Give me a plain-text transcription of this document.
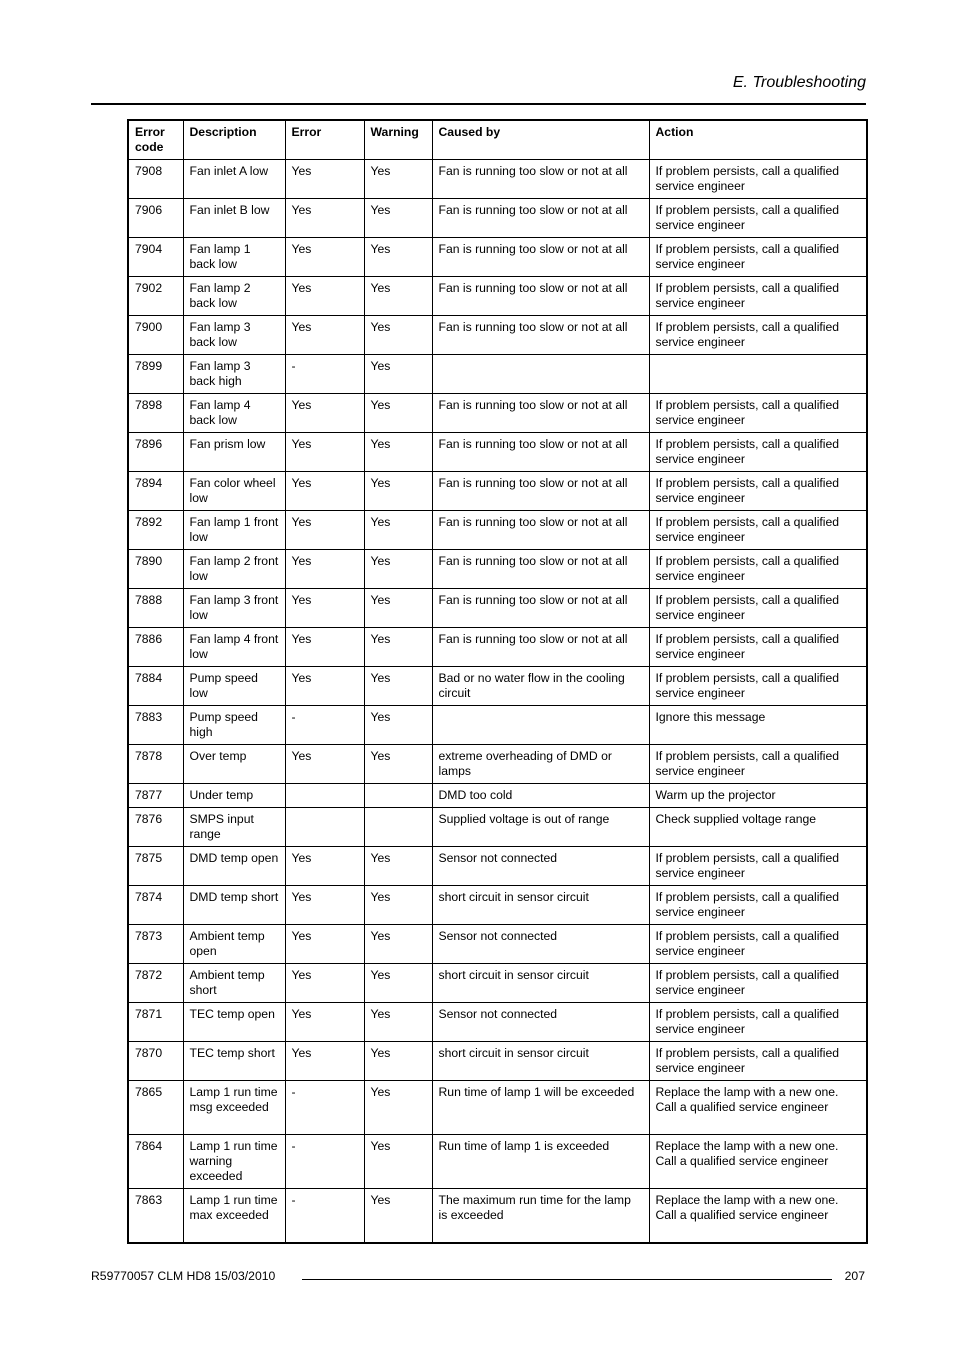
E. Troubleshooting
Error code	Description	Error	Warning	Caused by	Action
7908	Fan inlet A low	Yes	Yes	Fan is running too slow or not at all	If problem persists, call a qualified service engineer
7906	Fan inlet B low	Yes	Yes	Fan is running too slow or not at all	If problem persists, call a qualified service engineer
7904	Fan lamp 1 back low	Yes	Yes	Fan is running too slow or not at all	If problem persists, call a qualified service engineer
7902	Fan lamp 2 back low	Yes	Yes	Fan is running too slow or not at all	If problem persists, call a qualified service engineer
7900	Fan lamp 3 back low	Yes	Yes	Fan is running too slow or not at all	If problem persists, call a qualified service engineer
7899	Fan lamp 3 back high	-	Yes		
7898	Fan lamp 4 back low	Yes	Yes	Fan is running too slow or not at all	If problem persists, call a qualified service engineer
7896	Fan prism low	Yes	Yes	Fan is running too slow or not at all	If problem persists, call a qualified service engineer
7894	Fan color wheel low	Yes	Yes	Fan is running too slow or not at all	If problem persists, call a qualified service engineer
7892	Fan lamp 1 front low	Yes	Yes	Fan is running too slow or not at all	If problem persists, call a qualified service engineer
7890	Fan lamp 2 front low	Yes	Yes	Fan is running too slow or not at all	If problem persists, call a qualified service engineer
7888	Fan lamp 3 front low	Yes	Yes	Fan is running too slow or not at all	If problem persists, call a qualified service engineer
7886	Fan lamp 4 front low	Yes	Yes	Fan is running too slow or not at all	If problem persists, call a qualified service engineer
7884	Pump speed low	Yes	Yes	Bad or no water flow in the cooling circuit	If problem persists, call a qualified service engineer
7883	Pump speed high	-	Yes		Ignore this message
7878	Over temp	Yes	Yes	extreme overheading of DMD or lamps	If problem persists, call a qualified service engineer
7877	Under temp			DMD too cold	Warm up the projector
7876	SMPS input range			Supplied voltage is out of range	Check supplied voltage range
7875	DMD temp open	Yes	Yes	Sensor not connected	If problem persists, call a qualified service engineer
7874	DMD temp short	Yes	Yes	short circuit in sensor circuit	If problem persists, call a qualified service engineer
7873	Ambient temp open	Yes	Yes	Sensor not connected	If problem persists, call a qualified service engineer
7872	Ambient temp short	Yes	Yes	short circuit in sensor circuit	If problem persists, call a qualified service engineer
7871	TEC temp open	Yes	Yes	Sensor not connected	If problem persists, call a qualified service engineer
7870	TEC temp short	Yes	Yes	short circuit in sensor circuit	If problem persists, call a qualified service engineer
7865	Lamp 1 run time msg exceeded	-	Yes	Run time of lamp 1 will be exceeded	Replace the lamp with a new one. Call a qualified service engineer
7864	Lamp 1 run time warning exceeded	-	Yes	Run time of lamp 1 is exceeded	Replace the lamp with a new one. Call a qualified service engineer
7863	Lamp 1 run time max exceeded	-	Yes	The maximum run time for the lamp is exceeded	Replace the lamp with a new one. Call a qualified service engineer
R59770057 CLM HD8 15/03/2010	207
